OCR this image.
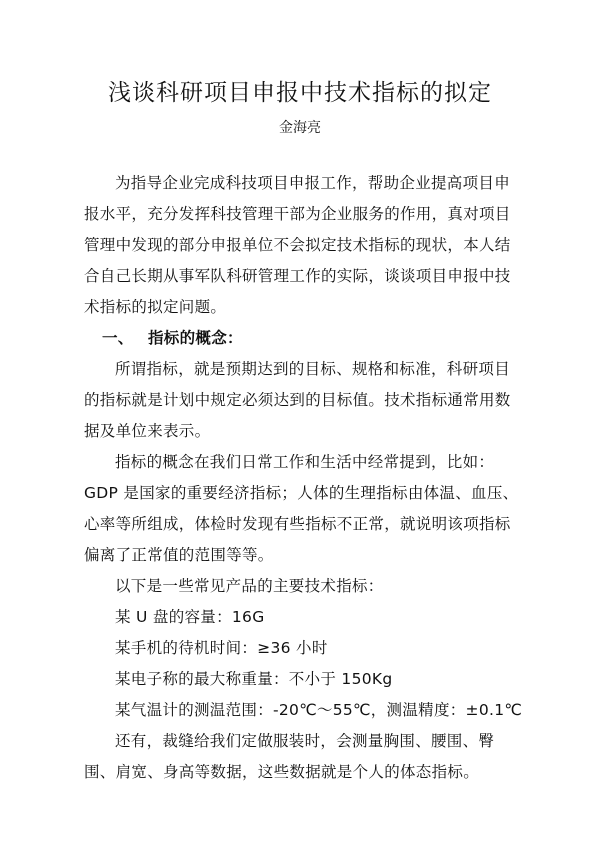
浅谈科研项目申报中技术指标的拟定

金海亮

为指导企业完成科技项目申报工作，帮助企业提高项目申报水平，充分发挥科技管理干部为企业服务的作用，真对项目管理中发现的部分申报单位不会拟定技术指标的现状，本人结合自己长期从事军队科研管理工作的实际，谈谈项目申报中技术指标的拟定问题。

一、 指标的概念：

所谓指标，就是预期达到的目标、规格和标准，科研项目的指标就是计划中规定必须达到的目标值。技术指标通常用数据及单位来表示。

指标的概念在我们日常工作和生活中经常提到，比如：GDP 是国家的重要经济指标；人体的生理指标由体温、血压、心率等所组成，体检时发现有些指标不正常，就说明该项指标偏离了正常值的范围等等。

以下是一些常见产品的主要技术指标：

某 U 盘的容量：16G

某手机的待机时间：≥36 小时

某电子称的最大称重量：不小于 150Kg

某气温计的测温范围：-20℃～55℃，测温精度：±0.1℃

还有，裁缝给我们定做服装时，会测量胸围、腰围、臀围、肩宽、身高等数据，这些数据就是个人的体态指标。
